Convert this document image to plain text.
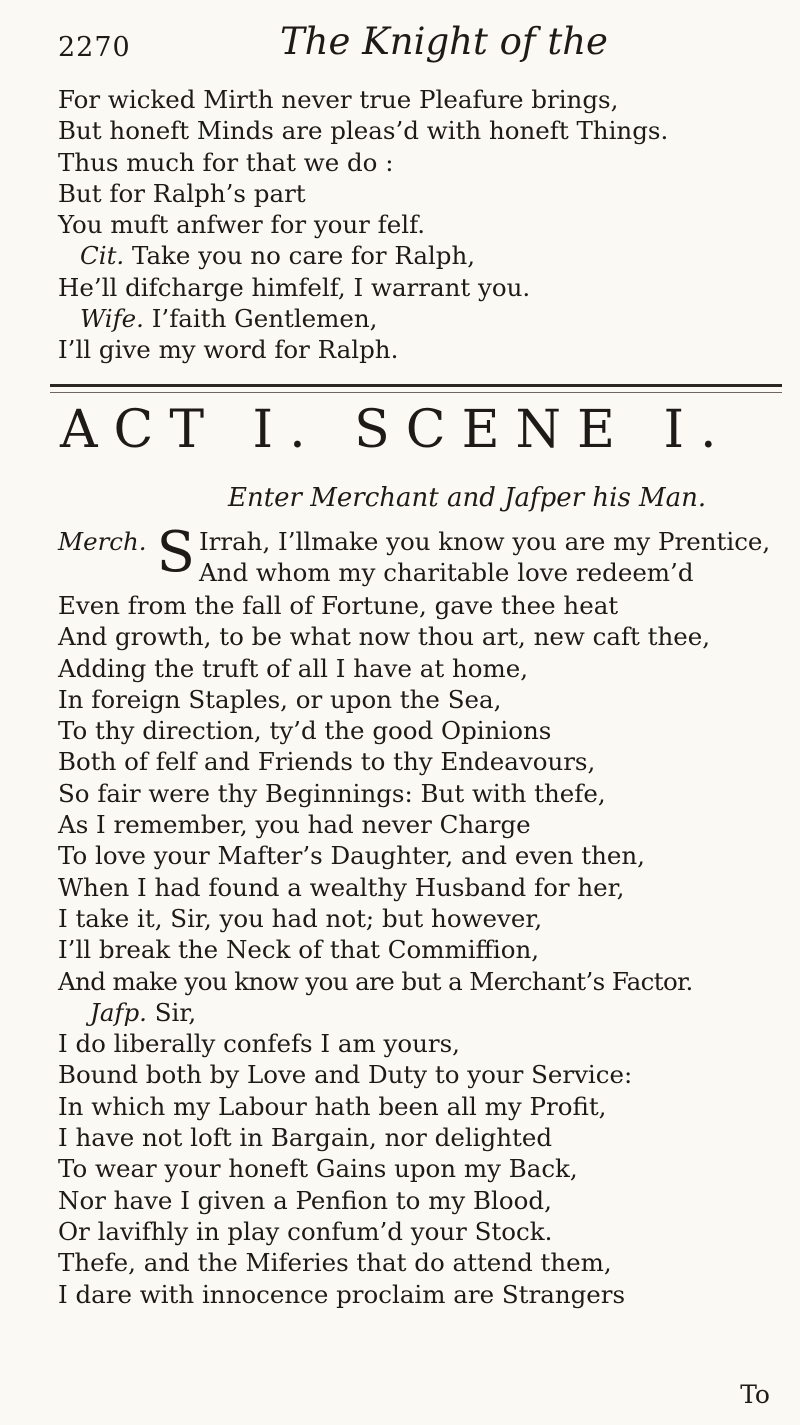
2270	The Knight of the
For wicked Mirth never true Pleafure brings,
But honeft Minds are pleas’d with honeft Things.
Thus much for that we do :
But for Ralph’s part
You muft anfwer for your felf.
Cit. Take you no care for Ralph,
He’ll difcharge himfelf, I warrant you.
Wife. I’faith Gentlemen,
I’ll give my word for Ralph.
ACT I. SCENE I.
Enter Merchant and Jafper his Man.
Merch. S Irrah, I’llmake you know you are my Prentice,
And whom my charitable love redeem’d
Even from the fall of Fortune, gave thee heat
And growth, to be what now thou art, new caft thee,
Adding the truft of all I have at home,
In foreign Staples, or upon the Sea,
To thy direction, ty’d the good Opinions
Both of felf and Friends to thy Endeavours,
So fair were thy Beginnings: But with thefe,
As I remember, you had never Charge
To love your Mafter’s Daughter, and even then,
When I had found a wealthy Husband for her,
I take it, Sir, you had not; but however,
I’ll break the Neck of that Commiffion,
And make you know you are but a Merchant’s Factor.
Jafp. Sir,
I do liberally confefs I am yours,
Bound both by Love and Duty to your Service:
In which my Labour hath been all my Profit,
I have not loft in Bargain, nor delighted
To wear your honeft Gains upon my Back,
Nor have I given a Penfion to my Blood,
Or lavifhly in play confum’d your Stock.
Thefe, and the Miferies that do attend them,
I dare with innocence proclaim are Strangers
To
